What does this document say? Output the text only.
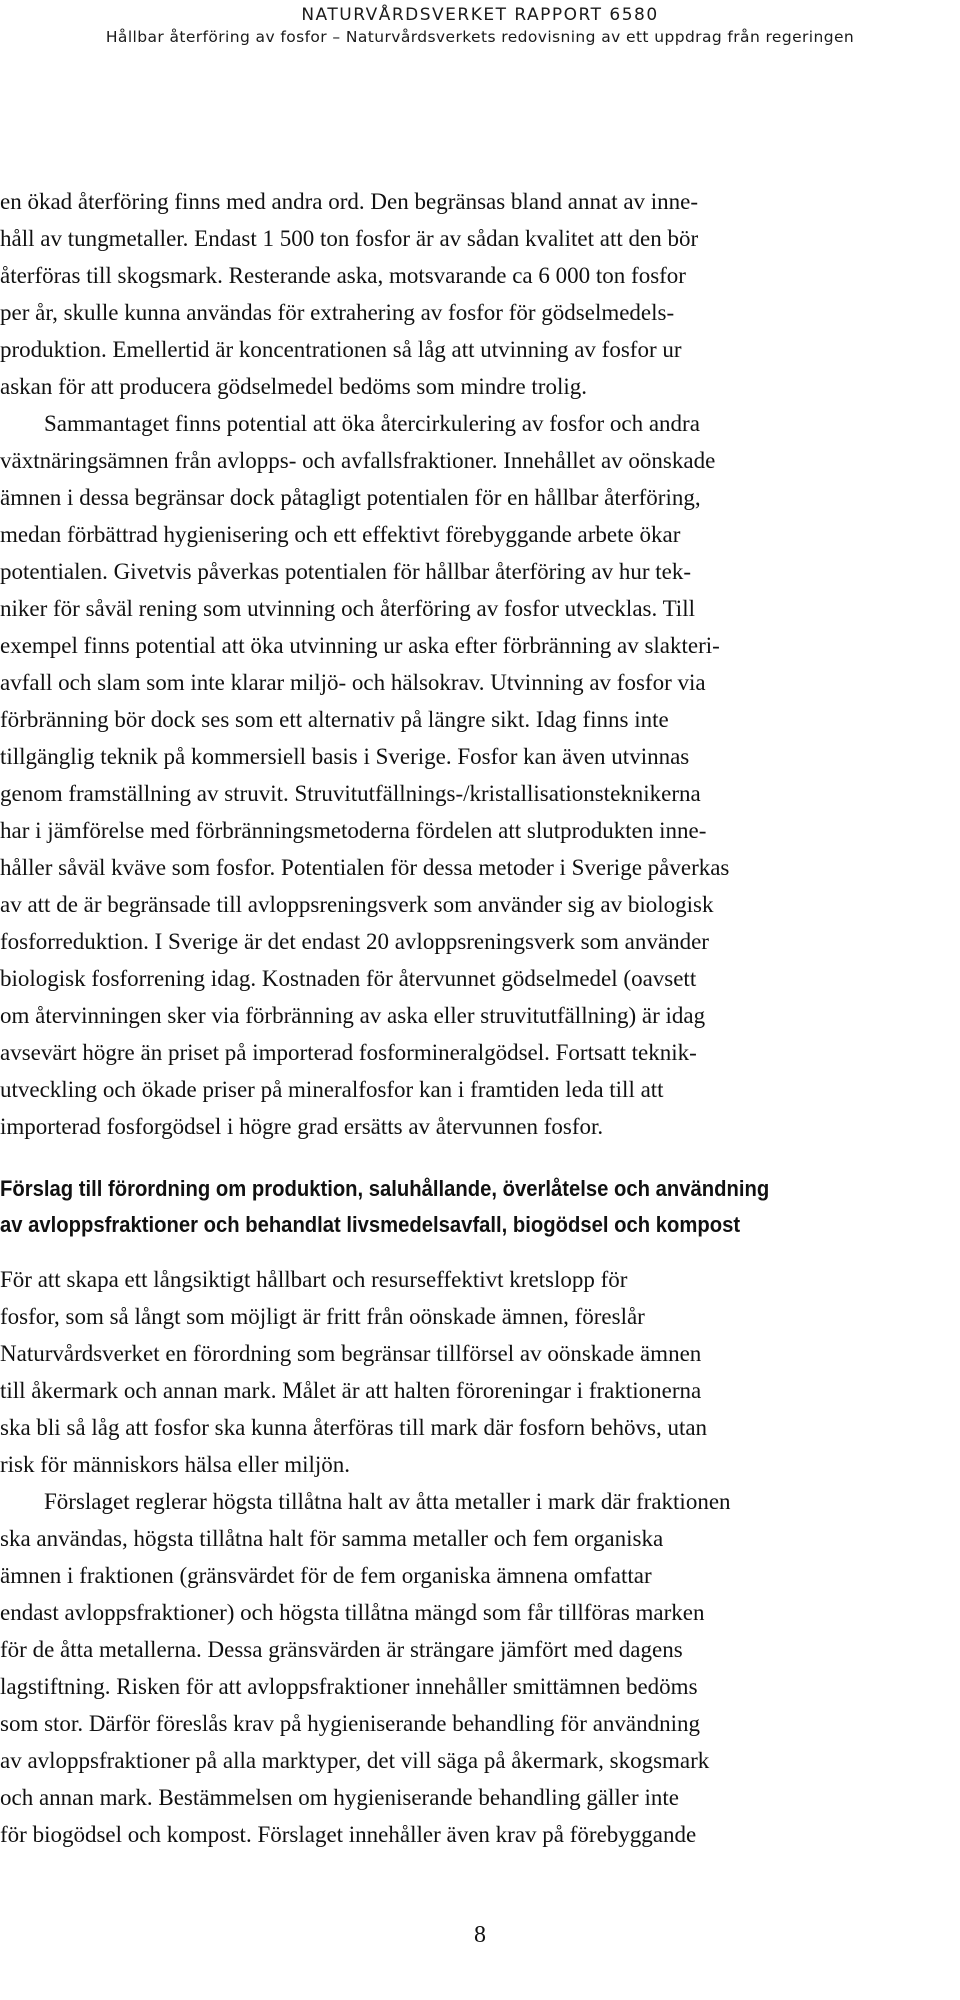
NATURVÅRDSVERKET RAPPORT 6580
Hållbar återföring av fosfor – Naturvårdsverkets redovisning av ett uppdrag från regeringen

en ökad återföring finns med andra ord. Den begränsas bland annat av inne-
håll av tungmetaller. Endast 1 500 ton fosfor är av sådan kvalitet att den bör
återföras till skogsmark. Resterande aska, motsvarande ca 6 000 ton fosfor
per år, skulle kunna användas för extrahering av fosfor för gödselmedels-
produktion. Emellertid är koncentrationen så låg att utvinning av fosfor ur
askan för att producera gödselmedel bedöms som mindre trolig.

Sammantaget finns potential att öka återcirkulering av fosfor och andra
växtnäringsämnen från avlopps- och avfallsfraktioner. Innehållet av oönskade
ämnen i dessa begränsar dock påtagligt potentialen för en hållbar återföring,
medan förbättrad hygienisering och ett effektivt förebyggande arbete ökar
potentialen. Givetvis påverkas potentialen för hållbar återföring av hur tek-
niker för såväl rening som utvinning och återföring av fosfor utvecklas. Till
exempel finns potential att öka utvinning ur aska efter förbränning av slakteri-
avfall och slam som inte klarar miljö- och hälsokrav. Utvinning av fosfor via
förbränning bör dock ses som ett alternativ på längre sikt. Idag finns inte
tillgänglig teknik på kommersiell basis i Sverige. Fosfor kan även utvinnas
genom framställning av struvit. Struvitutfällnings-/kristallisationsteknikerna
har i jämförelse med förbränningsmetoderna fördelen att slutprodukten inne-
håller såväl kväve som fosfor. Potentialen för dessa metoder i Sverige påverkas
av att de är begränsade till avloppsreningsverk som använder sig av biologisk
fosforreduktion. I Sverige är det endast 20 avloppsreningsverk som använder
biologisk fosforrening idag. Kostnaden för återvunnet gödselmedel (oavsett
om återvinningen sker via förbränning av aska eller struvitutfällning) är idag
avsevärt högre än priset på importerad fosformineralgödsel. Fortsatt teknik-
utveckling och ökade priser på mineralfosfor kan i framtiden leda till att
importerad fosforgödsel i högre grad ersätts av återvunnen fosfor.

Förslag till förordning om produktion, saluhållande, överlåtelse och användning
av avloppsfraktioner och behandlat livsmedelsavfall, biogödsel och kompost

För att skapa ett långsiktigt hållbart och resurseffektivt kretslopp för
fosfor, som så långt som möjligt är fritt från oönskade ämnen, föreslår
Naturvårdsverket en förordning som begränsar tillförsel av oönskade ämnen
till åkermark och annan mark. Målet är att halten föroreningar i fraktionerna
ska bli så låg att fosfor ska kunna återföras till mark där fosforn behövs, utan
risk för människors hälsa eller miljön.

Förslaget reglerar högsta tillåtna halt av åtta metaller i mark där fraktionen
ska användas, högsta tillåtna halt för samma metaller och fem organiska
ämnen i fraktionen (gränsvärdet för de fem organiska ämnena omfattar
endast avloppsfraktioner) och högsta tillåtna mängd som får tillföras marken
för de åtta metallerna. Dessa gränsvärden är strängare jämfört med dagens
lagstiftning. Risken för att avloppsfraktioner innehåller smittämnen bedöms
som stor. Därför föreslås krav på hygieniserande behandling för användning
av avloppsfraktioner på alla marktyper, det vill säga på åkermark, skogsmark
och annan mark. Bestämmelsen om hygieniserande behandling gäller inte
för biogödsel och kompost. Förslaget innehåller även krav på förebyggande

8
